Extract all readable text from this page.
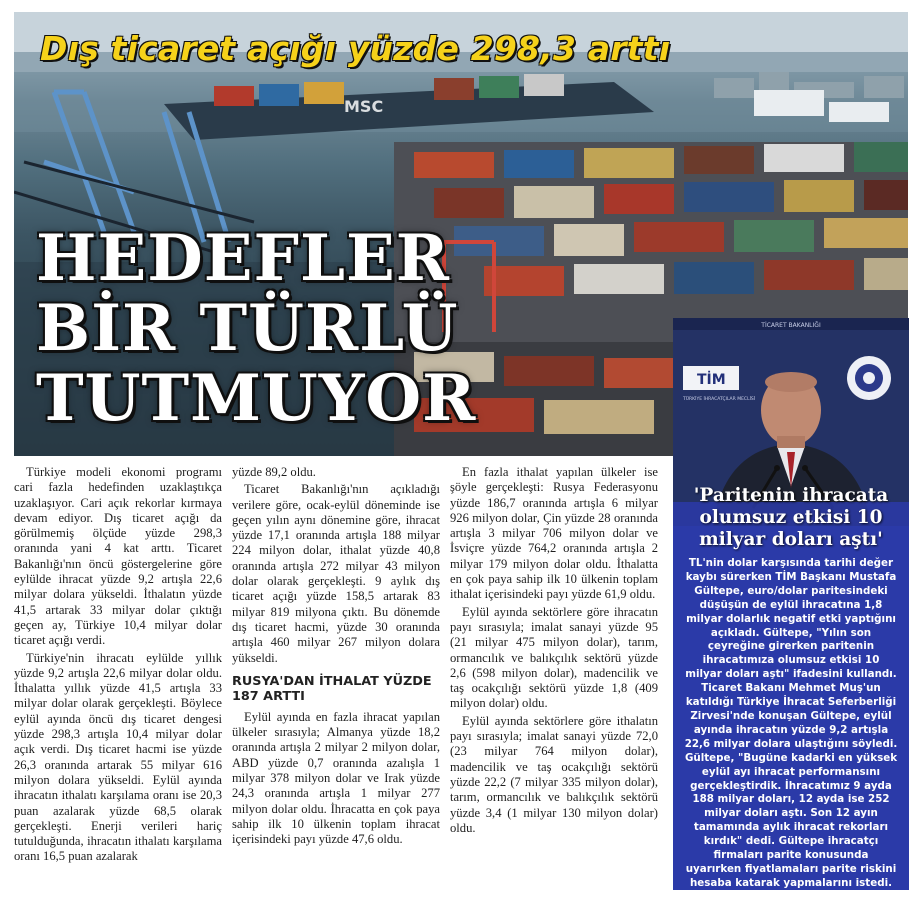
MSC
Dış ticaret açığı yüzde 298,3 arttı
HEDEFLER
BİR TÜRLÜ
TUTMUYOR

Türkiye modeli ekonomi programı cari fazla hedefinden uzaklaştıkça uzaklaşıyor. Cari açık rekorlar kırmaya devam ediyor. Dış ticaret açığı da görülmemiş ölçüde yüzde 298,3 oranında yani 4 kat arttı. Ticaret Bakanlığı'nın öncü göstergelerine göre eylülde ihracat yüzde 9,2 artışla 22,6 milyar dolara yükseldi. İthalatın yüzde 41,5 artarak 33 milyar dolar çıktığı geçen ay, Türkiye 10,4 milyar dolar ticaret açığı verdi.

Türkiye'nin ihracatı eylülde yıllık yüzde 9,2 artışla 22,6 milyar dolar oldu. İthalatta yıllık yüzde 41,5 artışla 33 milyar dolar olarak gerçekleşti. Böylece eylül ayında öncü dış ticaret dengesi yüzde 298,3 artışla 10,4 milyar dolar açık verdi. Dış ticaret hacmi ise yüzde 26,3 oranında artarak 55 milyar 616 milyon dolara yükseldi. Eylül ayında ihracatın ithalatı karşılama oranı ise 20,3 puan azalarak yüzde 68,5 olarak gerçekleşti. Enerji verileri hariç tutulduğunda, ihracatın ithalatı karşılama oranı 16,5 puan azalarak

yüzde 89,2 oldu.

Ticaret Bakanlığı'nın açıkladığı verilere göre, ocak-eylül döneminde ise geçen yılın aynı dönemine göre, ihracat yüzde 17,1 oranında artışla 188 milyar 224 milyon dolar, ithalat yüzde 40,8 oranında artışla 272 milyar 43 milyon dolar olarak gerçekleşti. 9 aylık dış ticaret açığı yüzde 158,5 artarak 83 milyar 819 milyona çıktı. Bu dönemde dış ticaret hacmi, yüzde 30 oranında artışla 460 milyar 267 milyon dolara yükseldi.

RUSYA'DAN İTHALAT YÜZDE 187 ARTTI

Eylül ayında en fazla ihracat yapılan ülkeler sırasıyla; Almanya yüzde 18,2 oranında artışla 2 milyar 2 milyon dolar, ABD yüzde 0,7 oranında azalışla 1 milyar 378 milyon dolar ve Irak yüzde 24,3 oranında artışla 1 milyar 277 milyon dolar oldu. İhracatta en çok paya sahip ilk 10 ülkenin toplam ihracat içerisindeki payı yüzde 47,6 oldu.

En fazla ithalat yapılan ülkeler ise şöyle gerçekleşti: Rusya Federasyonu yüzde 186,7 oranında artışla 6 milyar 926 milyon dolar, Çin yüzde 28 oranında artışla 3 milyar 706 milyon dolar ve İsviçre yüzde 764,2 oranında artışla 2 milyar 179 milyon dolar oldu. İthalatta en çok paya sahip ilk 10 ülkenin toplam ithalat içerisindeki payı yüzde 61,9 oldu.

Eylül ayında sektörlere göre ihracatın payı sırasıyla; imalat sanayi yüzde 95 (21 milyar 475 milyon dolar), tarım, ormancılık ve balıkçılık sektörü yüzde 2,6 (598 milyon dolar), madencilik ve taş ocakçılığı sektörü yüzde 1,8 (409 milyon dolar) oldu.

Eylül ayında sektörlere göre ithalatın payı sırasıyla; imalat sanayi yüzde 72,0 (23 milyar 764 milyon dolar), madencilik ve taş ocakçılığı sektörü yüzde 22,2 (7 milyar 335 milyon dolar), tarım, ormancılık ve balıkçılık sektörü yüzde 3,4 (1 milyar 130 milyon dolar) oldu.

TİCARET BAKANLIĞI
TİM
TÜRKİYE İHRACATÇILAR MECLİSİ
'Paritenin ihracata olumsuz etkisi 10 milyar doları aştı'
TL'nin dolar karşısında tarihi değer kaybı sürerken TİM Başkanı Mustafa Gültepe, euro/dolar paritesindeki düşüşün de eylül ihracatına 1,8 milyar dolarlık negatif etki yaptığını açıkladı. Gültepe, "Yılın son çeyreğine girerken paritenin ihracatımıza olumsuz etkisi 10 milyar doları aştı" ifadesini kullandı. Ticaret Bakanı Mehmet Muş'un katıldığı Türkiye İhracat Seferberliği Zirvesi'nde konuşan Gültepe, eylül ayında ihracatın yüzde 9,2 artışla 22,6 milyar dolara ulaştığını söyledi. Gültepe, "Bugüne kadarki en yüksek eylül ayı ihracat performansını gerçekleştirdik. İhracatımız 9 ayda 188 milyar doları, 12 ayda ise 252 milyar doları aştı. Son 12 ayın tamamında aylık ihracat rekorları kırdık" dedi. Gültepe ihracatçı firmaları parite konusunda uyarırken fiyatlamaları parite riskini hesaba katarak yapmalarını istedi.
